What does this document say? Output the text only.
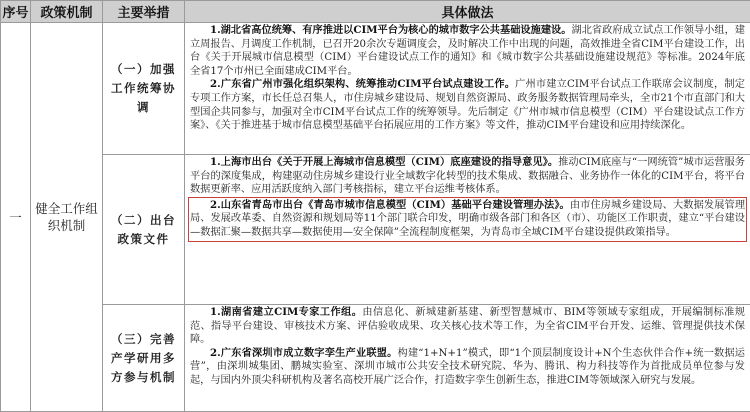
序号	政策机制	主要举措	具体做法
一	健全工作组织机制	（一）加强工作统筹协调	1.湖北省高位统筹、有序推进以CIM平台为核心的城市数字公共基础设施建设。湖北省政府成立试点工作领导小组，建立周报告、月调度工作机制，已召开20余次专题调度会，及时解决工作中出现的问题，高效推进全省CIM平台建设工作，出台《关于开展城市信息模型（CIM）平台建设试点工作的通知》和《城市数字公共基础设施建设规范》等标准。2024年底全省17个市州已全面建成CIM平台。

2.广东省广州市强化组织架构、统筹推动CIM平台试点建设工作。广州市建立CIM平台试点工作联席会议制度，制定专项工作方案，市长任总召集人，市住房城乡建设局、规划自然资源局、政务服务数据管理局牵头，全市21个市直部门和大型国企共同参与，加强对全市CIM平台试点工作的统筹领导。先后制定《广州市城市信息模型（CIM）平台建设试点工作方案》、《关于推进基于城市信息模型基础平台拓展应用的工作方案》等文件，推动CIM平台建设和应用持续深化。

		（二）出台政策文件	1.上海市出台《关于开展上海城市信息模型（CIM）底座建设的指导意见》。推动CIM底座与“一网统管”城市运营服务平台的深度集成，构建驱动住房城乡建设行业全域数字化转型的技术集成、数据融合、业务协作一体化的CIM平台，将平台数据更新率、应用活跃度纳入部门考核指标，建立平台运维考核体系。

2.山东省青岛市出台《青岛市城市信息模型（CIM）基础平台建设管理办法》。由市住房城乡建设局、大数据发展管理局、发展改革委、自然资源和规划局等11个部门联合印发，明确市级各部门和各区（市）、功能区工作职责，建立“平台建设—数据汇聚—数据共享—数据使用—安全保障”全流程制度框架，为青岛市全域CIM平台建设提供政策指导。

		（三）完善产学研用多方参与机制	1.湖南省建立CIM专家工作组。由信息化、新城建新基建、新型智慧城市、BIM等领域专家组成，开展编制标准规范、指导平台建设、审核技术方案、评估验收成果、攻关核心技术等工作，为全省CIM平台开发、运维、管理提供技术保障。

2.广东省深圳市成立数字孪生产业联盟。构建“1+N+1”模式，即“1个顶层制度设计+N个生态伙伴合作+统一数据运营”，由深圳城集团、鹏城实验室、深圳市城市公共安全技术研究院、华为、腾讯、构力科技等作为首批成员单位参与发起，与国内外顶尖科研机构及著名高校开展广泛合作，打造数字孪生创新生态，推进CIM等领域深入研究与发展。
